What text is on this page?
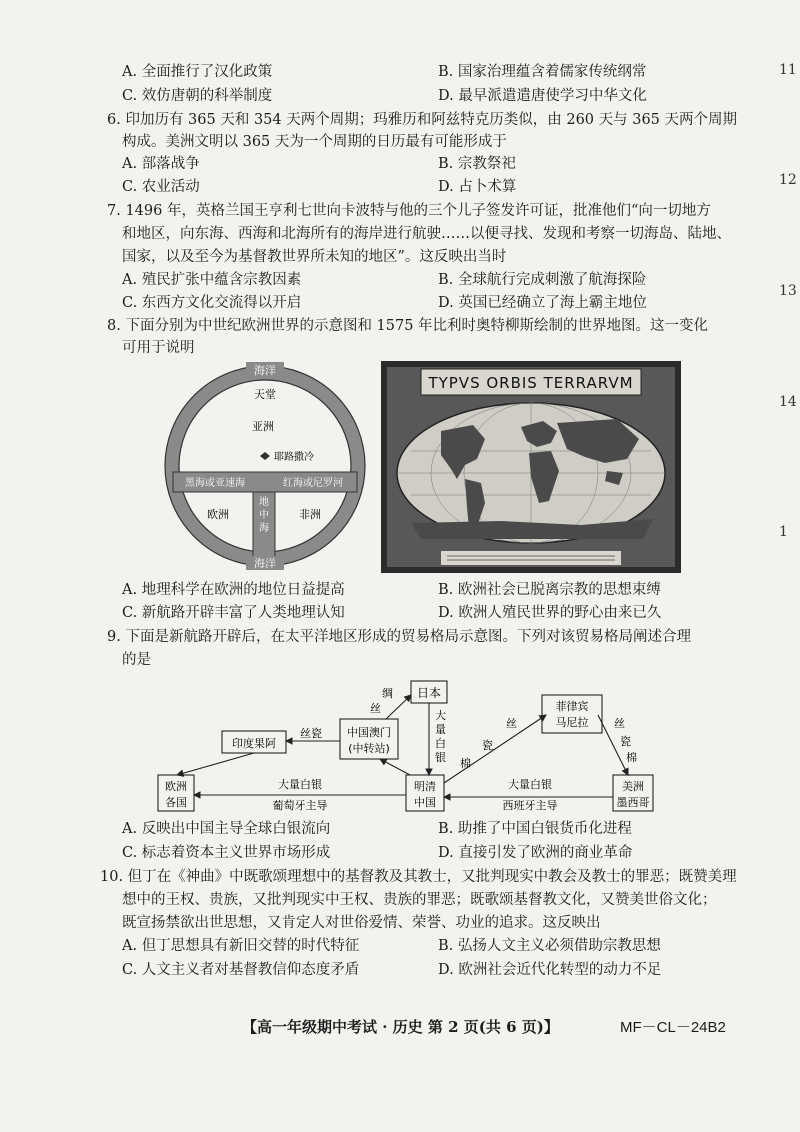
11
12
13
14
1
A. 全面推行了汉化政策	B. 国家治理蕴含着儒家传统纲常
C. 效仿唐朝的科举制度	D. 最早派遣遣唐使学习中华文化
6. 印加历有 365 天和 354 天两个周期；玛雅历和阿兹特克历类似，由 260 天与 365 天两个周期
构成。美洲文明以 365 天为一个周期的日历最有可能形成于
A. 部落战争	B. 宗教祭祀
C. 农业活动	D. 占卜术算
7. 1496 年，英格兰国王亨利七世向卡波特与他的三个儿子签发许可证，批准他们“向一切地方
和地区，向东海、西海和北海所有的海岸进行航驶……以便寻找、发现和考察一切海岛、陆地、
国家，以及至今为基督教世界所未知的地区”。这反映出当时
A. 殖民扩张中蕴含宗教因素	B. 全球航行完成刺激了航海探险
C. 东西方文化交流得以开启	D. 英国已经确立了海上霸主地位
8. 下面分别为中世纪欧洲世界的示意图和 1575 年比利时奥特柳斯绘制的世界地图。这一变化
可用于说明
海洋
天堂
亚洲
耶路撒冷
黑海或亚速海	红海或尼罗河
地
中
海
欧洲	非洲
海洋
TYPVS ORBIS TERRARVM
A. 地理科学在欧洲的地位日益提高	B. 欧洲社会已脱离宗教的思想束缚
C. 新航路开辟丰富了人类地理认知	D. 欧洲人殖民世界的野心由来已久
9. 下面是新航路开辟后，在太平洋地区形成的贸易格局示意图。下列对该贸易格局阐述合理
的是
日本
中国澳门
(中转站)
印度果阿
欧洲
各国
明清
中国
菲律宾
马尼拉
美洲
墨西哥
绸
丝
丝瓷
大
量
白
银
大量白银
葡萄牙主导
大量白银
西班牙主导
丝
瓷
棉
丝
瓷
棉
A. 反映出中国主导全球白银流向	B. 助推了中国白银货币化进程
C. 标志着资本主义世界市场形成	D. 直接引发了欧洲的商业革命
10. 但丁在《神曲》中既歌颂理想中的基督教及其教士，又批判现实中教会及教士的罪恶；既赞美理
想中的王权、贵族，又批判现实中王权、贵族的罪恶；既歌颂基督教文化，又赞美世俗文化；
既宣扬禁欲出世思想，又肯定人对世俗爱情、荣誉、功业的追求。这反映出
A. 但丁思想具有新旧交替的时代特征	B. 弘扬人文主义必须借助宗教思想
C. 人文主义者对基督教信仰态度矛盾	D. 欧洲社会近代化转型的动力不足
【高一年级期中考试 · 历史 第 2 页(共 6 页)】	MF－CL－24B2
